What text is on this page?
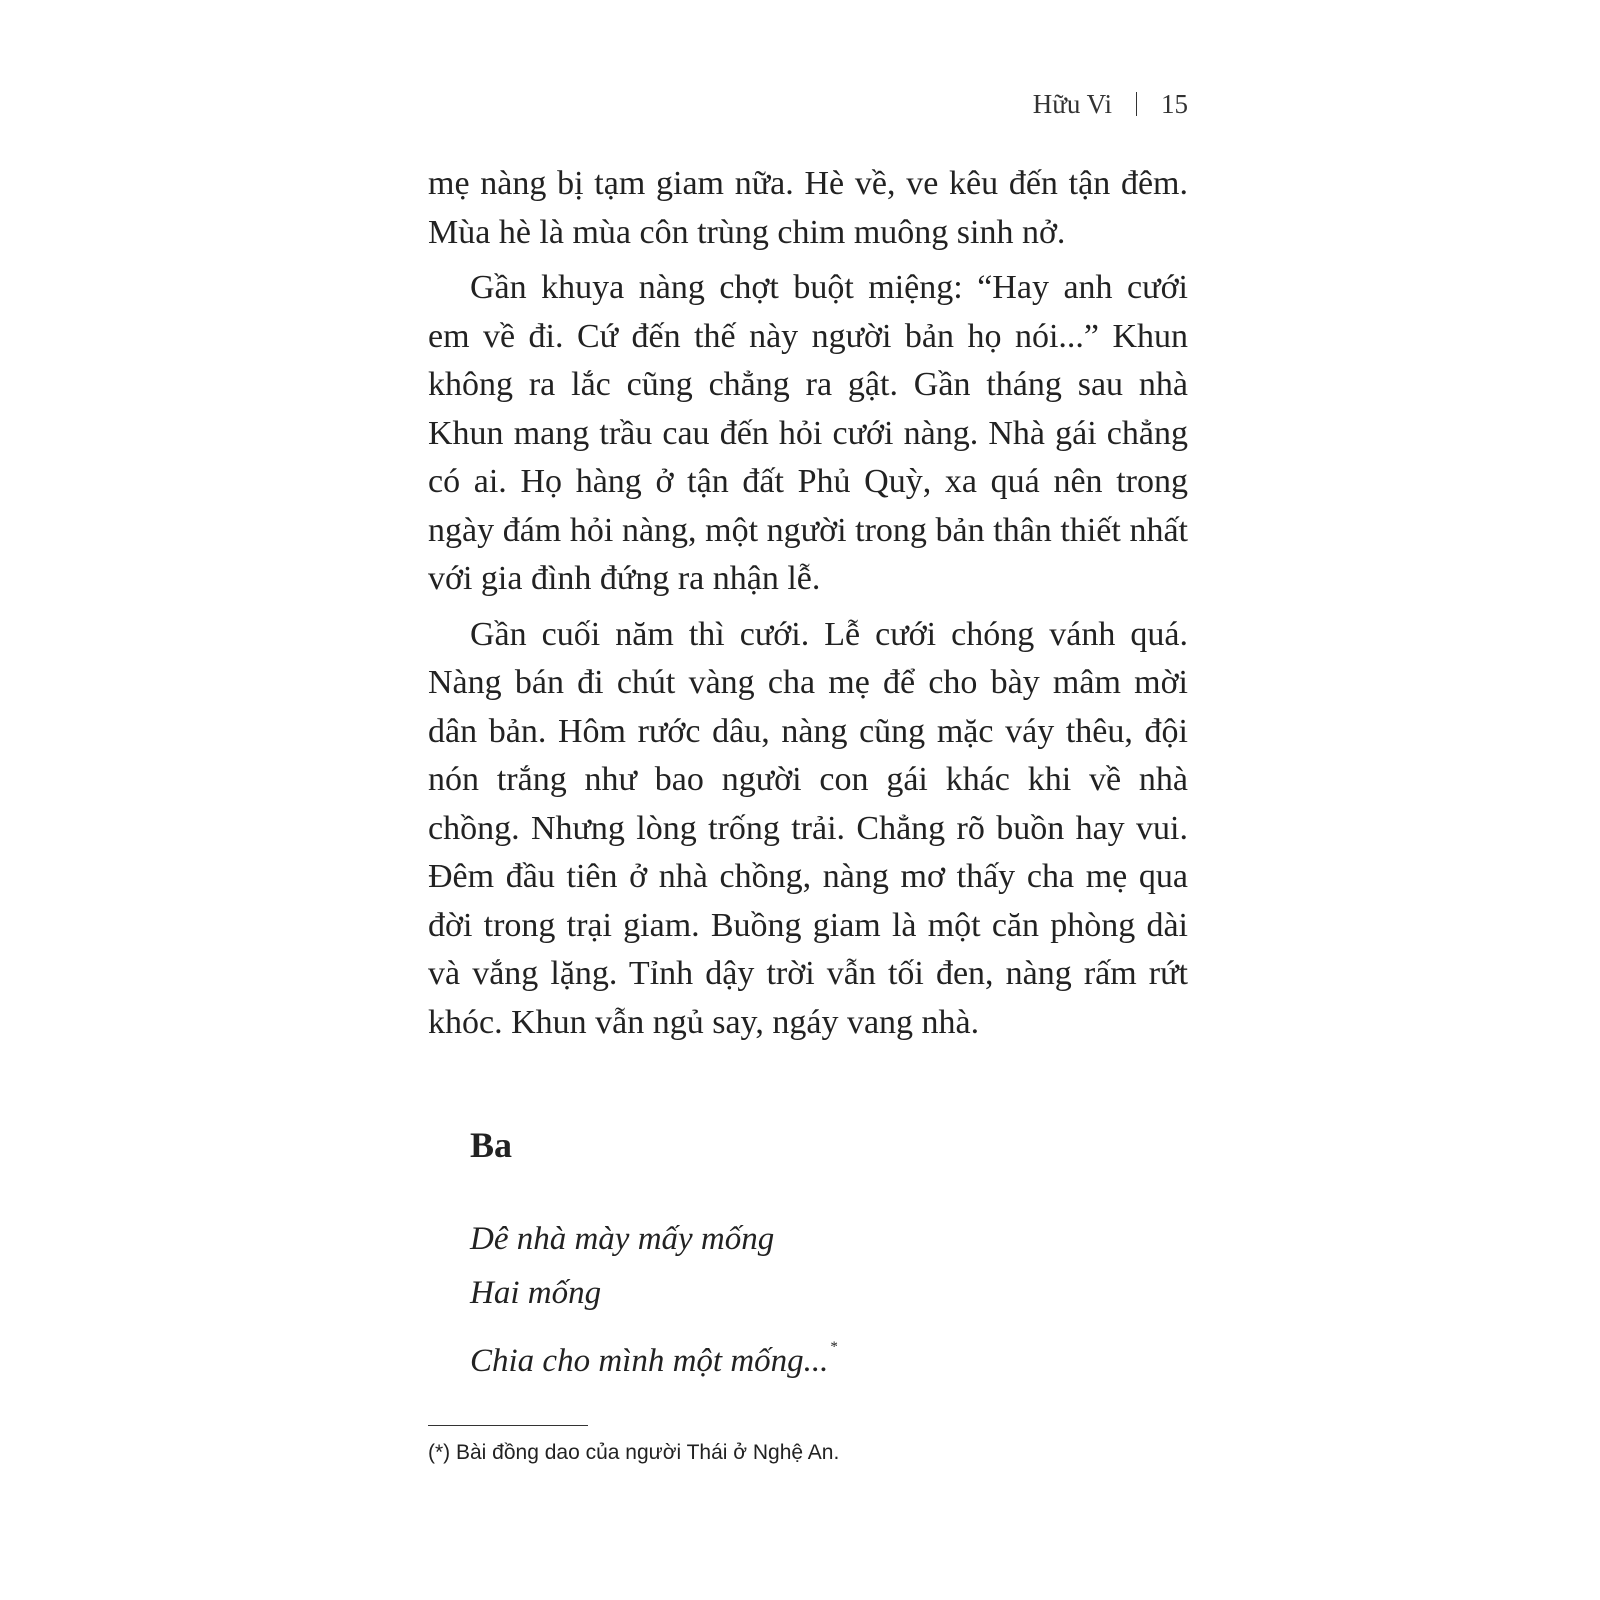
Hữu Vi 15

mẹ nàng bị tạm giam nữa. Hè về, ve kêu đến tận đêm. Mùa hè là mùa côn trùng chim muông sinh nở.

Gần khuya nàng chợt buột miệng: “Hay anh cưới em về đi. Cứ đến thế này người bản họ nói...” Khun không ra lắc cũng chẳng ra gật. Gần tháng sau nhà Khun mang trầu cau đến hỏi cưới nàng. Nhà gái chẳng có ai. Họ hàng ở tận đất Phủ Quỳ, xa quá nên trong ngày đám hỏi nàng, một người trong bản thân thiết nhất với gia đình đứng ra nhận lễ.

Gần cuối năm thì cưới. Lễ cưới chóng vánh quá. Nàng bán đi chút vàng cha mẹ để cho bày mâm mời dân bản. Hôm rước dâu, nàng cũng mặc váy thêu, đội nón trắng như bao người con gái khác khi về nhà chồng. Nhưng lòng trống trải. Chẳng rõ buồn hay vui. Đêm đầu tiên ở nhà chồng, nàng mơ thấy cha mẹ qua đời trong trại giam. Buồng giam là một căn phòng dài và vắng lặng. Tỉnh dậy trời vẫn tối đen, nàng rấm rứt khóc. Khun vẫn ngủ say, ngáy vang nhà.

Ba
Dê nhà mày mấy mống
Hai mống
Chia cho mình một mống... *
(*) Bài đồng dao của người Thái ở Nghệ An.
